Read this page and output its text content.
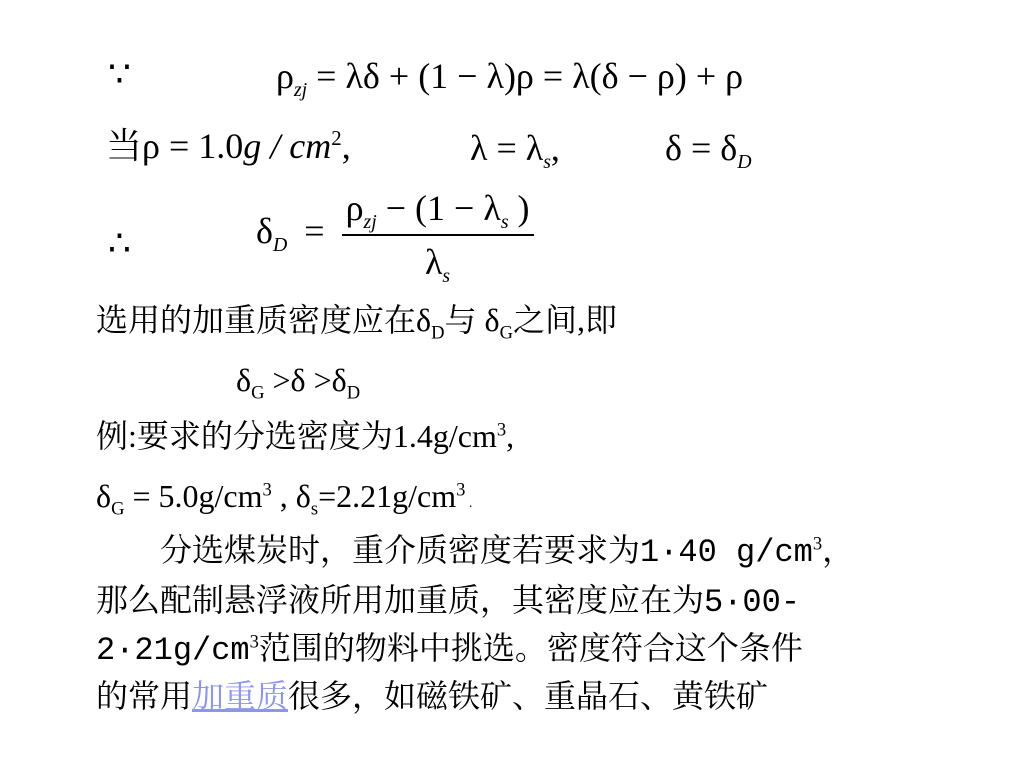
∵	$\rho_{zj} = \lambda\delta + (1 - \lambda)\rho = \lambda(\delta - \rho) + \rho$
当$\rho = 1.0g / cm^2$,	$\lambda = \lambda_s$,	$\delta = \delta_D$
∴	$\delta_D = \frac{\rho_{zj} - (1 - \lambda_s )}{\lambda_s}$
选用的加重质密度应在$\delta_D$与 $\delta_G$之间,即
$\delta_G >\delta >\delta_D$
例:要求的分选密度为$1.4g/cm^3$,
$\delta_G = 5.0g/cm^3$ , $\delta_s=2.21g/cm^3$ .
　　分选煤炭时，重介质密度若要求为1·40 $g/cm^3$，
那么配制悬浮液所用加重质，其密度应在为5·00-
$2\cdot 21g/cm^3$范围的物料中挑选。密度符合这个条件
的常用加重质很多，如磁铁矿、重晶石、黄铁矿
